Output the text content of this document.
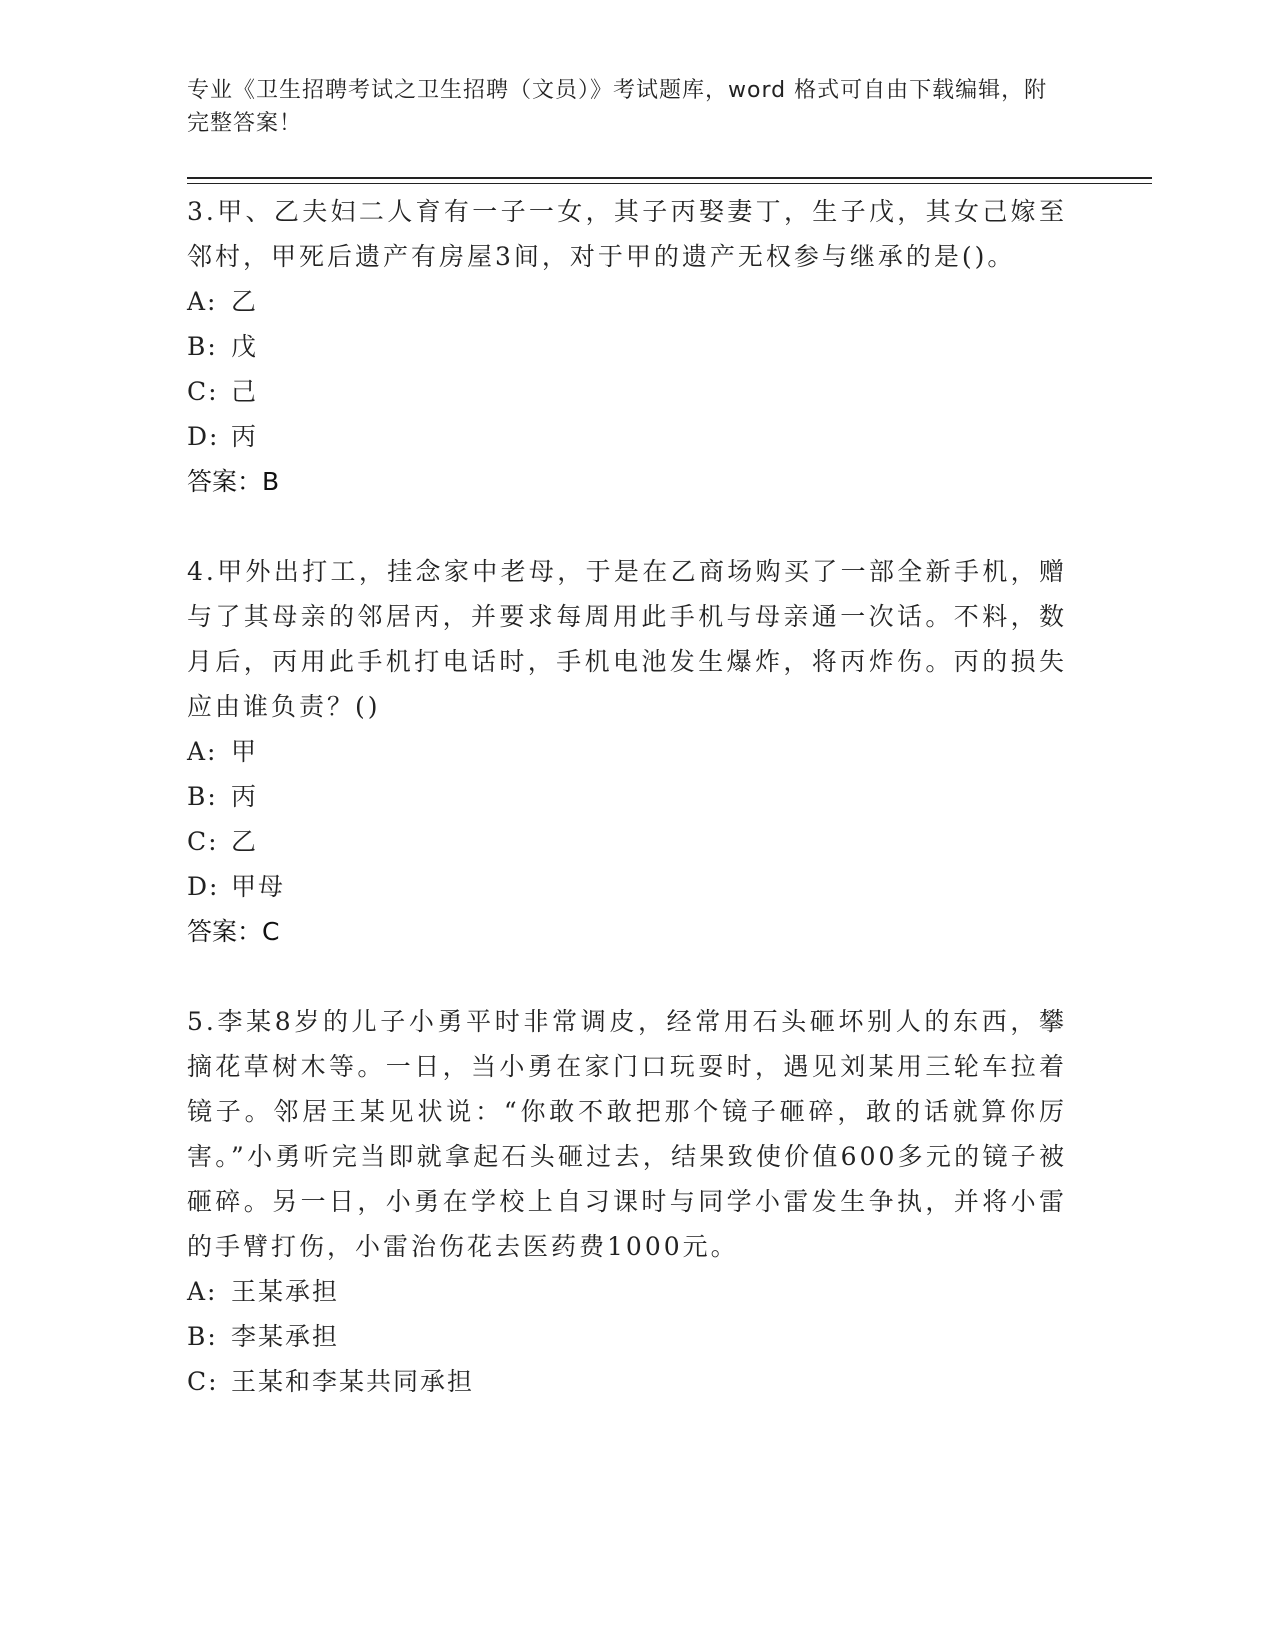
专业《卫生招聘考试之卫生招聘（文员）》考试题库，word 格式可自由下载编辑，附完整答案！

3.甲、乙夫妇二人育有一子一女，其子丙娶妻丁，生子戊，其女己嫁至邻村，甲死后遗产有房屋3间，对于甲的遗产无权参与继承的是()。

A: 乙

B: 戊

C: 己

D: 丙

答案：B

4.甲外出打工，挂念家中老母，于是在乙商场购买了一部全新手机，赠与了其母亲的邻居丙，并要求每周用此手机与母亲通一次话。不料，数月后，丙用此手机打电话时，手机电池发生爆炸，将丙炸伤。丙的损失应由谁负责？()

A: 甲

B: 丙

C: 乙

D: 甲母

答案：C

5.李某8岁的儿子小勇平时非常调皮，经常用石头砸坏别人的东西，攀摘花草树木等。一日，当小勇在家门口玩耍时，遇见刘某用三轮车拉着镜子。邻居王某见状说：“你敢不敢把那个镜子砸碎，敢的话就算你厉害。”小勇听完当即就拿起石头砸过去，结果致使价值600多元的镜子被砸碎。另一日，小勇在学校上自习课时与同学小雷发生争执，并将小雷的手臂打伤，小雷治伤花去医药费1000元。

A: 王某承担

B: 李某承担

C: 王某和李某共同承担
